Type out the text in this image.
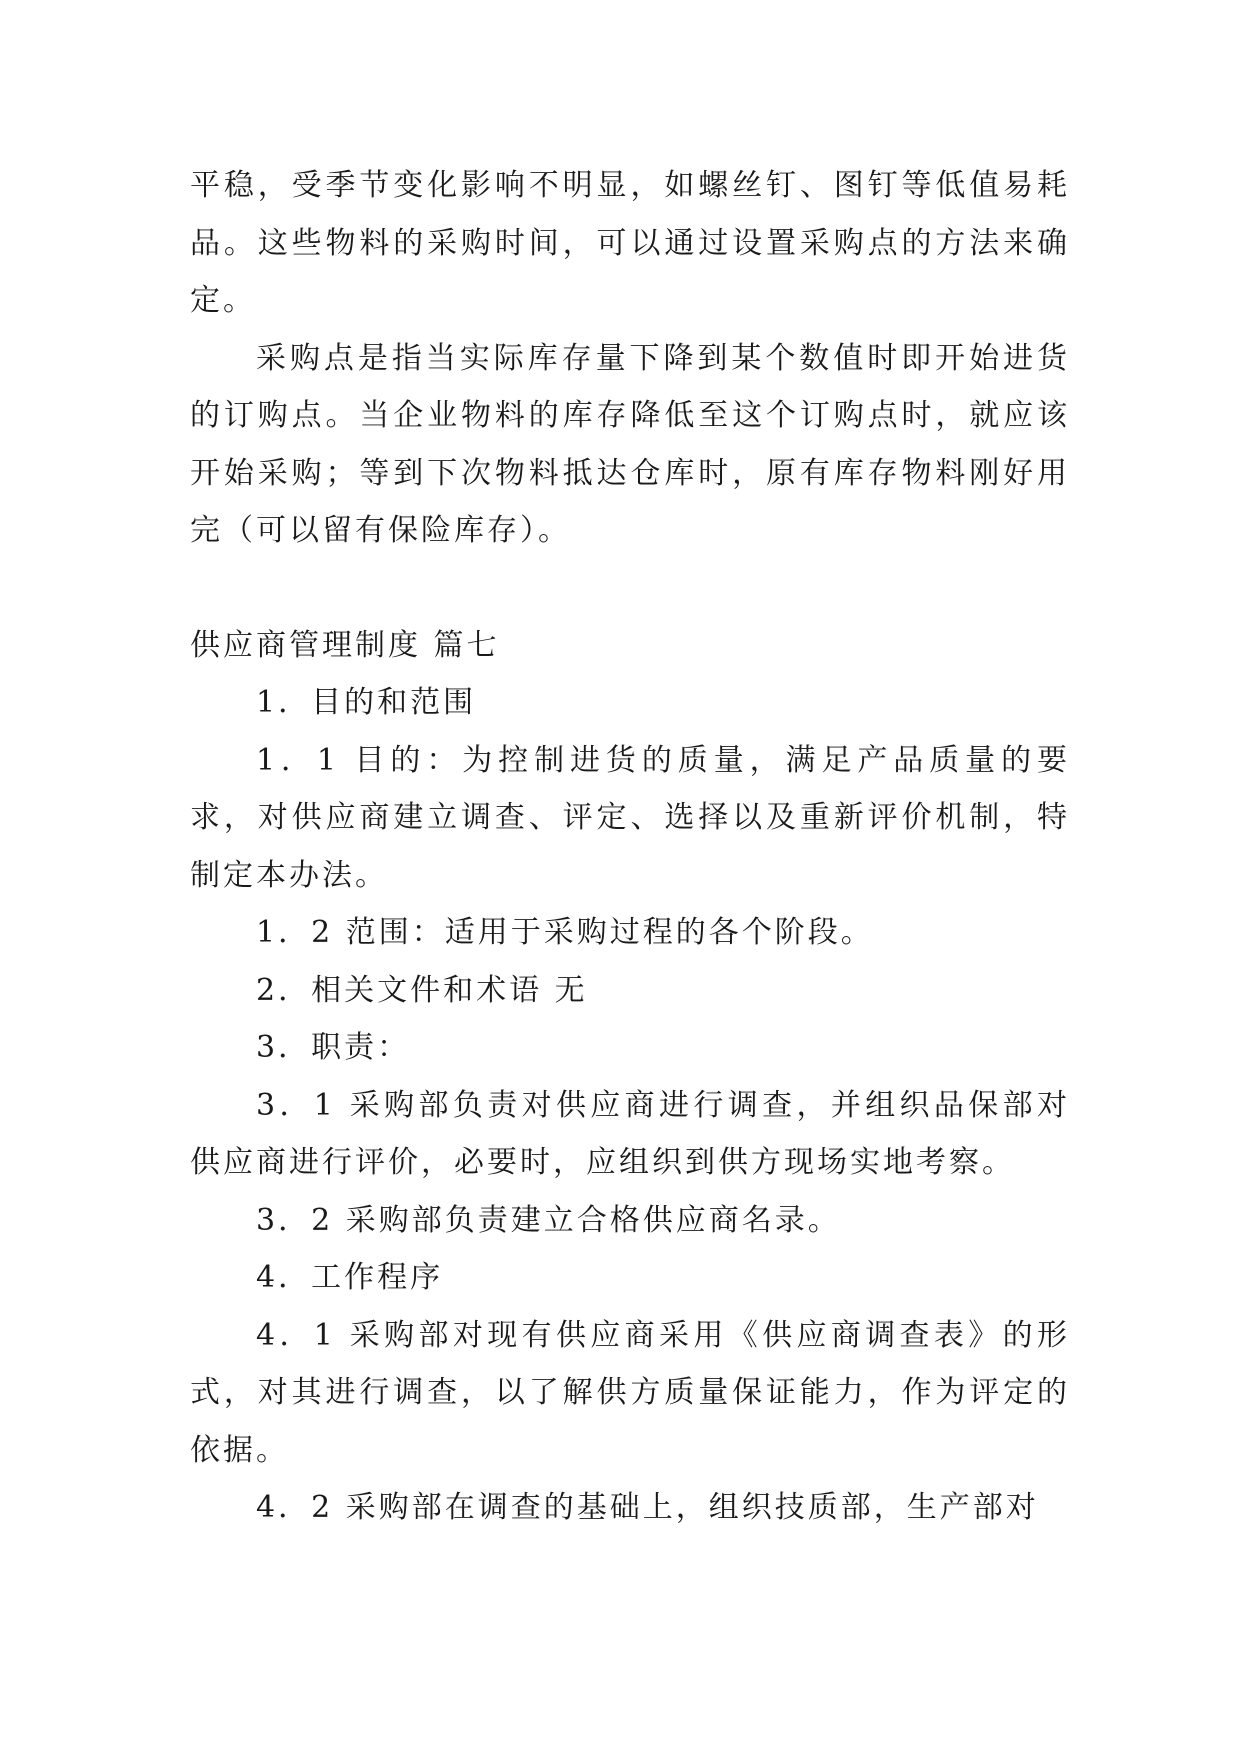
平稳，受季节变化影响不明显，如螺丝钉、图钉等低值易耗品。这些物料的采购时间，可以通过设置采购点的方法来确定。

采购点是指当实际库存量下降到某个数值时即开始进货的订购点。当企业物料的库存降低至这个订购点时，就应该开始采购；等到下次物料抵达仓库时，原有库存物料刚好用完（可以留有保险库存）。

供应商管理制度 篇七

1．目的和范围

1．1 目的：为控制进货的质量，满足产品质量的要求，对供应商建立调查、评定、选择以及重新评价机制，特制定本办法。

1．2 范围：适用于采购过程的各个阶段。

2．相关文件和术语 无

3．职责：

3．1 采购部负责对供应商进行调查，并组织品保部对供应商进行评价，必要时，应组织到供方现场实地考察。

3．2 采购部负责建立合格供应商名录。

4．工作程序

4．1 采购部对现有供应商采用《供应商调查表》的形式，对其进行调查，以了解供方质量保证能力，作为评定的依据。

4．2 采购部在调查的基础上，组织技质部，生产部对
